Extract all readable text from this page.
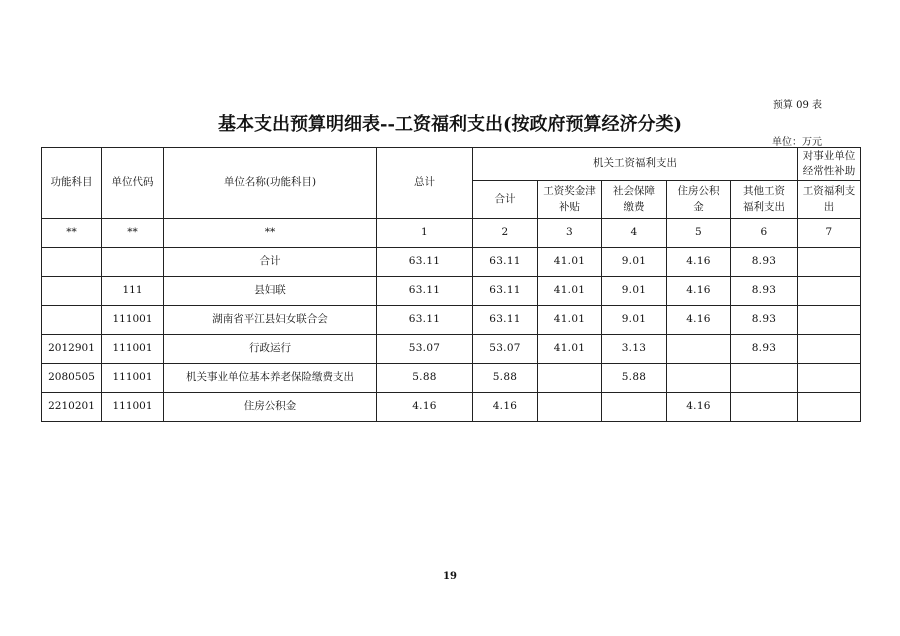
预算 09 表
基本支出预算明细表--工资福利支出(按政府预算经济分类)
单位：万元
功能科目	单位代码	单位名称(功能科目)	总计	机关工资福利支出					对事业单位经常性补助
				合计	工资奖金津补贴	社会保障缴费	住房公积金	其他工资福利支出	工资福利支出
**	**	**	1	2	3	4	5	6	7
		合计	63.11	63.11	41.01	9.01	4.16	8.93	
	111	县妇联	63.11	63.11	41.01	9.01	4.16	8.93	
	111001	湖南省平江县妇女联合会	63.11	63.11	41.01	9.01	4.16	8.93	
2012901	111001	行政运行	53.07	53.07	41.01	3.13		8.93	
2080505	111001	机关事业单位基本养老保险缴费支出	5.88	5.88		5.88			
2210201	111001	住房公积金	4.16	4.16			4.16		
19
